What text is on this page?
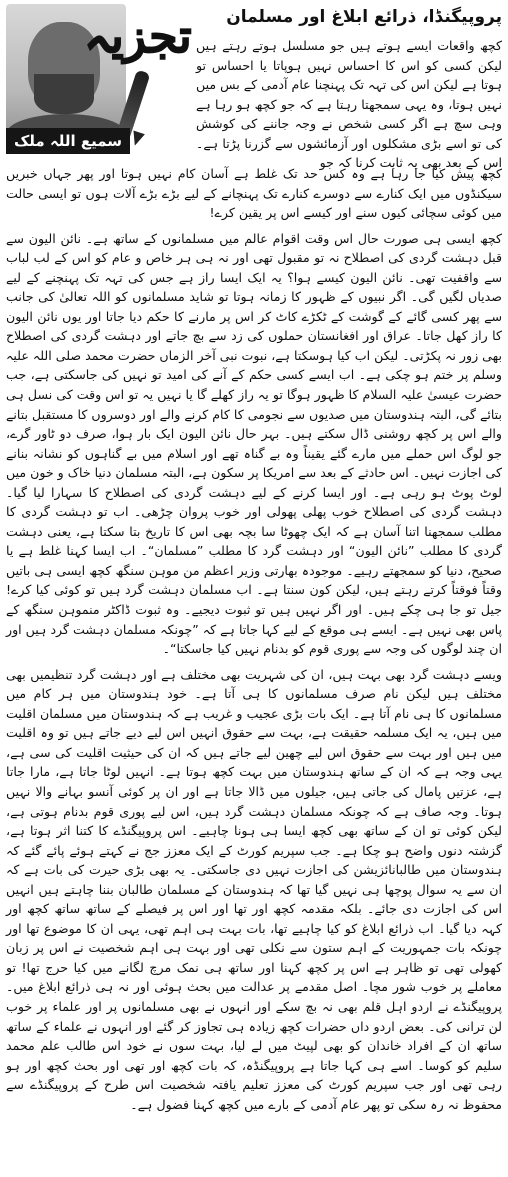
تجزیہ
سمیع اللہ ملک
پروپیگنڈا، ذرائع ابلاغ اور مسلمان

کچھ واقعات ایسے ہوتے ہیں جو مسلسل ہوتے رہتے ہیں لیکن کسی کو اس کا احساس نہیں ہوپاتا یا احساس تو ہوتا ہے لیکن اس کی تہہ تک پہنچنا عام آدمی کے بس میں نہیں ہوتا، وہ یہی سمجھتا رہتا ہے کہ جو کچھ ہو رہا ہے وہی سچ ہے اگر کسی شخص نے وجہ جاننے کی کوشش کی تو اسے بڑی مشکلوں اور آزمائشوں سے گزرنا پڑتا ہے۔ اس کے بعد بھی یہ ثابت کرنا کہ جو

کچھ پیش کیا جا رہا ہے وہ کس حد تک غلط ہے آسان کام نہیں ہوتا اور پھر جہاں خبریں سیکنڈوں میں ایک کنارے سے دوسرے کنارے تک پہنچانے کے لیے بڑے بڑے آلات ہوں تو ایسی حالت میں کوئی سچائی کیوں سنے اور کیسے اس پر یقین کرے!

کچھ ایسی ہی صورت حال اس وقت اقوام عالم میں مسلمانوں کے ساتھ ہے۔ نائن الیون سے قبل دہشت گردی کی اصطلاح نہ تو مقبول تھی اور نہ ہی ہر خاص و عام کو اس کے لب لباب سے واقفیت تھی۔ نائن الیون کیسے ہوا؟ یہ ایک ایسا راز ہے جس کی تہہ تک پہنچنے کے لیے صدیاں لگیں گی۔ اگر نبیوں کے ظہور کا زمانہ ہوتا تو شاید مسلمانوں کو اللہ تعالیٰ کی جانب سے پھر کسی گائے کے گوشت کے ٹکڑے کاٹ کر اس پر مارنے کا حکم دیا جاتا اور یوں نائن الیون کا راز کھل جاتا۔ عراق اور افغانستان حملوں کی زد سے بچ جاتے اور دہشت گردی کی اصطلاح بھی زور نہ پکڑتی۔ لیکن اب کیا ہوسکتا ہے، نبوت نبی آخر الزماں حضرت محمد صلی اللہ علیہ وسلم پر ختم ہو چکی ہے۔ اب ایسے کسی حکم کے آنے کی امید تو نہیں کی جاسکتی ہے، جب حضرت عیسیٰ علیہ السلام کا ظہور ہوگا تو یہ راز کھلے گا یا نہیں یہ تو اس وقت کی نسل ہی بتائے گی، البتہ ہندوستان میں صدیوں سے نجومی کا کام کرنے والے اور دوسروں کا مستقبل بتانے والے اس پر کچھ روشنی ڈال سکتے ہیں۔ بہر حال نائن الیون ایک بار ہوا، صرف دو ٹاور گرے، جو لوگ اس حملے میں مارے گئے یقیناً وہ بے گناہ تھے اور اسلام میں بے گناہوں کو نشانہ بنانے کی اجازت نہیں۔ اس حادثے کے بعد سے امریکا پر سکون ہے، البتہ مسلمان دنیا خاک و خون میں لوٹ پوٹ ہو رہی ہے۔ اور ایسا کرنے کے لیے دہشت گردی کی اصطلاح کا سہارا لیا گیا۔ دہشت گردی کی اصطلاح خوب پھلی پھولی اور خوب پروان چڑھی۔ اب تو دہشت گردی کا مطلب سمجھنا اتنا آسان ہے کہ ایک چھوٹا سا بچہ بھی اس کا تاریخ بتا سکتا ہے، یعنی دہشت گردی کا مطلب ”نائن الیون“ اور دہشت گرد کا مطلب ”مسلمان“۔ اب ایسا کہنا غلط ہے یا صحیح، دنیا کو سمجھتے رہیے۔ موجودہ بھارتی وزیر اعظم من موہن سنگھ کچھ ایسی ہی باتیں وقتاً فوقتاً کرتے رہتے ہیں، لیکن کون سنتا ہے۔ اب مسلمان دہشت گرد ہیں تو کوئی کیا کرے! جیل تو جا ہی چکے ہیں۔ اور اگر نہیں ہیں تو ثبوت دیجیے۔ وہ ثبوت ڈاکٹر منموہن سنگھ کے پاس بھی نہیں ہے۔ ایسے ہی موقع کے لیے کہا جاتا ہے کہ ”چونکہ مسلمان دہشت گرد ہیں اور ان چند لوگوں کی وجہ سے پوری قوم کو بدنام نہیں کیا جاسکتا“۔

ویسے دہشت گرد بھی بہت ہیں، ان کی شہریت بھی مختلف ہے اور دہشت گرد تنظیمیں بھی مختلف ہیں لیکن نام صرف مسلمانوں کا ہی آتا ہے۔ خود ہندوستان میں ہر کام میں مسلمانوں کا ہی نام آتا ہے۔ ایک بات بڑی عجیب و غریب ہے کہ ہندوستان میں مسلمان اقلیت میں ہیں، یہ ایک مسلمہ حقیقت ہے، بہت سے حقوق انہیں اس لیے دیے جاتے ہیں تو وہ اقلیت میں ہیں اور بہت سے حقوق اس لیے چھین لیے جاتے ہیں کہ ان کی حیثیت اقلیت کی سی ہے، یہی وجہ ہے کہ ان کے ساتھ ہندوستان میں بہت کچھ ہوتا ہے۔ انہیں لوٹا جاتا ہے، مارا جاتا ہے، عزتیں پامال کی جاتی ہیں، جیلوں میں ڈالا جاتا ہے اور ان پر کوئی آنسو بہانے والا نہیں ہوتا۔ وجہ صاف ہے کہ چونکہ مسلمان دہشت گرد ہیں، اس لیے پوری قوم بدنام ہوتی ہے، لیکن کوئی تو ان کے ساتھ بھی کچھ ایسا ہی ہونا چاہیے۔ اس پروپیگنڈے کا کتنا اثر ہوتا ہے، گزشتہ دنوں واضح ہو چکا ہے۔ جب سپریم کورٹ کے ایک معزز جج نے کہتے ہوئے پائے گئے کہ ہندوستان میں طالبانائزیشن کی اجازت نہیں دی جاسکتی۔ یہ بھی بڑی حیرت کی بات ہے کہ ان سے یہ سوال پوچھا ہی نہیں گیا تھا کہ ہندوستان کے مسلمان طالبان بننا چاہتے ہیں انہیں اس کی اجازت دی جائے۔ بلکہ مقدمہ کچھ اور تھا اور اس پر فیصلے کے ساتھ ساتھ کچھ اور کہہ دیا گیا۔ اب ذرائع ابلاغ کو کیا چاہیے تھا، بات بہت ہی اہم تھی، یہی ان کا موضوع تھا اور چونکہ بات جمہوریت کے اہم ستون سے نکلی تھی اور بہت ہی اہم شخصیت نے اس پر زبان کھولی تھی تو ظاہر ہے اس پر کچھ کہنا اور ساتھ ہی نمک مرچ لگانے میں کیا حرج تھا! تو معاملے پر خوب شور مچا۔ اصل مقدمے پر عدالت میں بحث ہوئی اور نہ ہی ذرائع ابلاغ میں۔ پروپیگنڈے نے اردو اہل قلم بھی نہ بچ سکے اور انہوں نے بھی مسلمانوں پر اور علماء پر خوب لن ترانی کی۔ بعض اردو داں حضرات کچھ زیادہ ہی تجاوز کر گئے اور انہوں نے علماء کے ساتھ ساتھ ان کے افراد خاندان کو بھی لپیٹ میں لے لیا، بہت سوں نے خود اس طالب علم محمد سلیم کو کوسا۔ اسے ہی کہا جاتا ہے پروپیگنڈہ، کہ بات کچھ اور تھی اور بحث کچھ اور ہو رہی تھی اور جب سپریم کورٹ کی معزز تعلیم یافتہ شخصیت اس طرح کے پروپیگنڈے سے محفوظ نہ رہ سکی تو پھر عام آدمی کے بارے میں کچھ کہنا فضول ہے۔
